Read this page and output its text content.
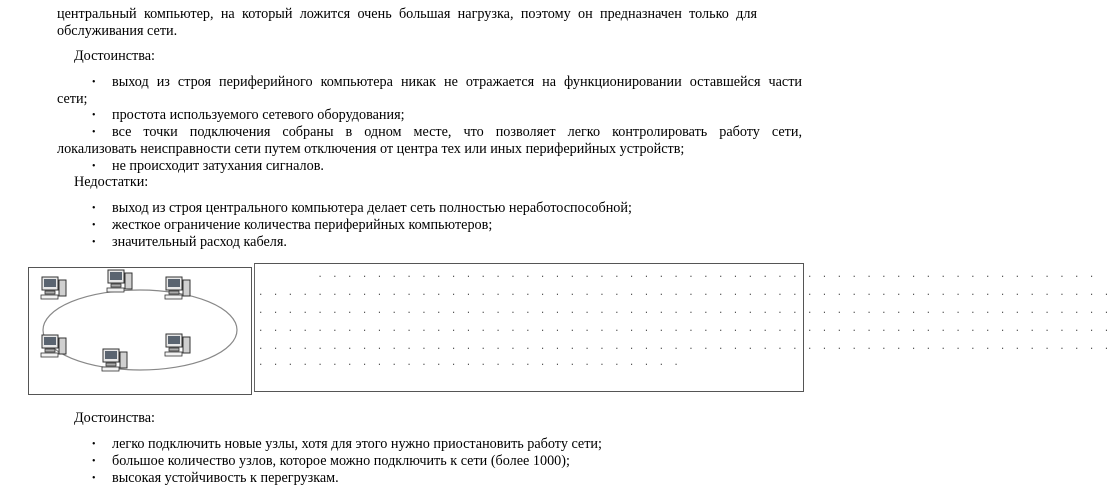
центральный компьютер, на который ложится очень большая нагрузка, поэтому он предназначен только для
обслуживания сети.
Достоинства:
• выход из строя периферийного компьютера никак не отражается на функционировании оставшейся части
сети;
• простота используемого сетевого оборудования;
• все точки подключения собраны в одном месте, что позволяет легко контролировать работу сети,
локализовать неисправности сети путем отключения от центра тех или иных периферийных устройств;
• не происходит затухания сигналов.
Недостатки:
• выход из строя центрального компьютера делает сеть полностью неработоспособной;
• жесткое ограничение количества периферийных компьютеров;
• значительный расход кабеля.
. . . . . . . . . . . . . . . . . . . . . . . . . . . . . . . . . . . . . . . . . . . . . . . . . . . . .
. . . . . . . . . . . . . . . . . . . . . . . . . . . . . . . . . . . . . . . . . . . . . . . . . . . . . . . . . .
. . . . . . . . . . . . . . . . . . . . . . . . . . . . . . . . . . . . . . . . . . . . . . . . . . . . . . . . . .
. . . . . . . . . . . . . . . . . . . . . . . . . . . . . . . . . . . . . . . . . . . . . . . . . . . . . . . . . .
. . . . . . . . . . . . . . . . . . . . . . . . . . . . . . . . . . . . . . . . . . . . . . . . . . . . . . . . . .
. . . . . . . . . . . . . . . . . . . . . . . . . . . . .
Достоинства:
• легко подключить новые узлы, хотя для этого нужно приостановить работу сети;
• большое количество узлов, которое можно подключить к сети (более 1000);
• высокая устойчивость к перегрузкам.
